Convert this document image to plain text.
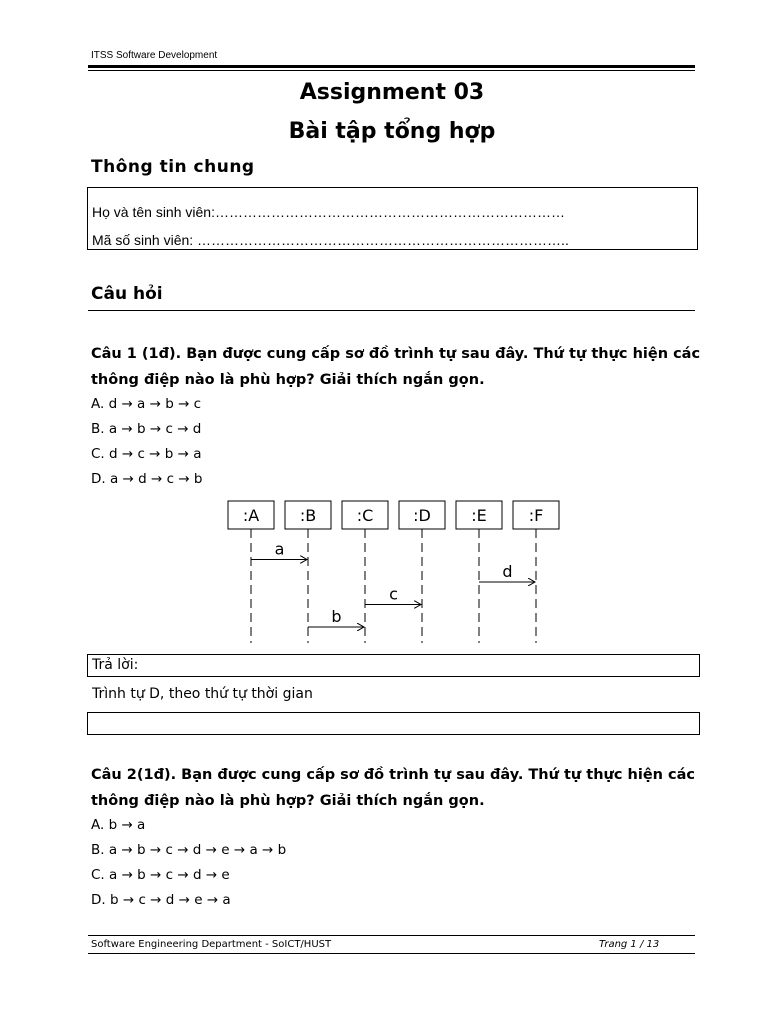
ITSS Software Development
Assignment 03
Bài tập tổng hợp
Thông tin chung
Họ và tên sinh viên:…………………………………………………………………
Mã số sinh viên: ……………………………………………………………………..
Câu hỏi
Câu 1 (1đ). Bạn được cung cấp sơ đồ trình tự sau đây. Thứ tự thực hiện các thông điệp nào là phù hợp? Giải thích ngắn gọn.
A. d → a → b → c
B. a → b → c → d
C. d → c → b → a
D. a → d → c → b
:A	:B	:C :D	:E	:F
a
d
c
b
Trả lời:
Trình tự D, theo thứ tự thời gian
Câu 2(1đ). Bạn được cung cấp sơ đồ trình tự sau đây. Thứ tự thực hiện các thông điệp nào là phù hợp? Giải thích ngắn gọn.
A. b → a
B. a → b → c → d → e → a → b
C. a → b → c → d → e
D. b → c → d → e → a
Software Engineering Department - SoICT/HUST	Trang 1 / 13
